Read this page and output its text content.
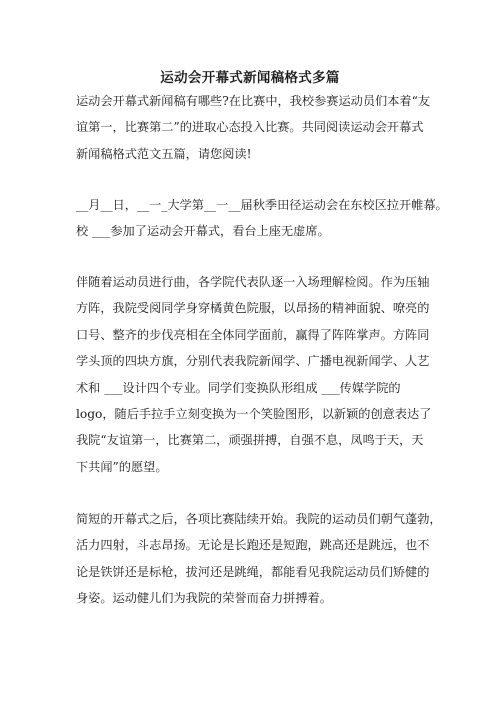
运动会开幕式新闻稿格式多篇
运动会开幕式新闻稿有哪些?在比赛中，我校参赛运动员们本着“友
谊第一，比赛第二”的进取心态投入比赛。共同阅读运动会开幕式
新闻稿格式范文五篇，请您阅读!
__月__日，__一_大学第__一__届秋季田径运动会在东校区拉开帷幕。
校 ___参加了运动会开幕式，看台上座无虚席。
伴随着运动员进行曲，各学院代表队逐一入场理解检阅。作为压轴
方阵，我院受阅同学身穿橘黄色院服，以昂扬的精神面貌、嘹亮的
口号、整齐的步伐亮相在全体同学面前，赢得了阵阵掌声。方阵同
学头顶的四块方旗，分别代表我院新闻学、广播电视新闻学、人艺
术和 ___设计四个专业。同学们变换队形组成 ___传媒学院的
logo，随后手拉手立刻变换为一个笑脸图形，以新颖的创意表达了
我院“友谊第一，比赛第二，顽强拼搏，自强不息，凤鸣于天，天
下共闻”的愿望。
简短的开幕式之后，各项比赛陆续开始。我院的运动员们朝气蓬勃，
活力四射，斗志昂扬。无论是长跑还是短跑，跳高还是跳远，也不
论是铁饼还是标枪，拔河还是跳绳，都能看见我院运动员们矫健的
身姿。运动健儿们为我院的荣誉而奋力拼搏着。
